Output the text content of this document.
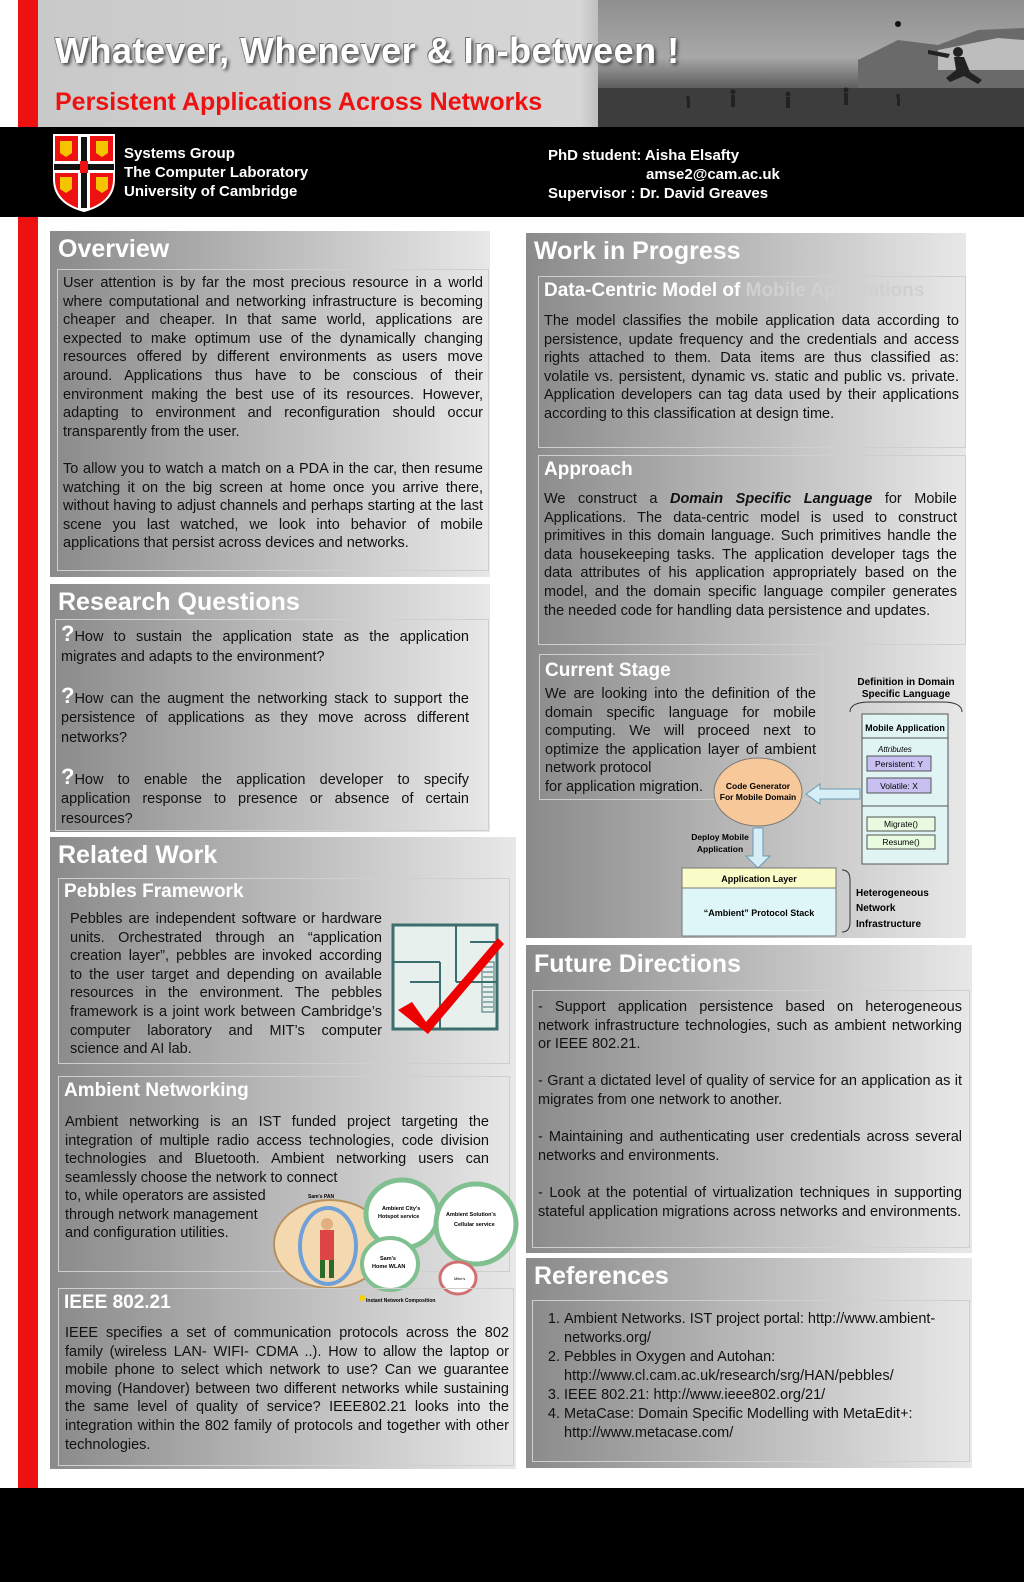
Whatever, Whenever & In-between !
Persistent Applications Across Networks
Systems Group
The Computer Laboratory
University of Cambridge
PhD student: Aisha Elsafty
amse2@cam.ac.uk
Supervisor : Dr. David Greaves
Overview

User attention is by far the most precious resource in a world where computational and networking infrastructure is becoming cheaper and cheaper. In that same world, applications are expected to make optimum use of the dynamically changing resources offered by different environments as users move around. Applications thus have to be conscious of their environment making the best use of its resources. However, adapting to environment and reconfiguration should occur transparently from the user.

To allow you to watch a match on a PDA in the car, then resume watching it on the big screen at home once you arrive there, without having to adjust channels and perhaps starting at the last scene you last watched, we look into behavior of mobile applications that persist across devices and networks.

Research Questions

?How to sustain the application state as the application migrates and adapts to the environment?

?How can the augment the networking stack to support the persistence of applications as they move across different networks?

?How to enable the application developer to specify application response to presence or absence of certain resources?

Related Work
Pebbles Framework
Pebbles are independent software or hardware units. Orchestrated through an “application creation layer”, pebbles are invoked according to the user target and depending on available resources in the environment. The pebbles framework is a joint work between Cambridge’s computer laboratory and MIT’s computer science and AI lab.
Ambient Networking
Ambient networking is an IST funded project targeting the integration of multiple radio access technologies, code division technologies and Bluetooth. Ambient networking users can seamlessly choose the network to connect
to, while operators are assisted through network management and configuration utilities.
Sam's PAN
Ambient City's
Hotspot service	Ambient Solution's
Cellular service
Sam's
Home WLAN
Mike's
Instant Network Composition
IEEE 802.21
IEEE specifies a set of communication protocols across the 802 family (wireless LAN- WIFI- CDMA ..). How to allow the laptop or mobile phone to select which network to use? Can we guarantee moving (Handover) between two different networks while sustaining the same level of quality of service? IEEE802.21 looks into the integration within the 802 family of protocols and together with other technologies.
Work in Progress
Data-Centric Model of Mobile Applications
The model classifies the mobile application data according to persistence, update frequency and the credentials and access rights attached to them. Data items are thus classified as: volatile vs. persistent, dynamic vs. static and public vs. private. Application developers can tag data used by their applications according to this classification at design time.
Approach
We construct a Domain Specific Language for Mobile Applications. The data-centric model is used to construct primitives in this domain language. Such primitives handle the data housekeeping tasks. The application developer tags the data attributes of his application appropriately based on the model, and the domain specific language compiler generates the needed code for handling data persistence and updates.
Current Stage
We are looking into the definition of the domain specific language for mobile computing. We will proceed next to optimize the application layer of ambient network protocol
for application migration.
Definition in Domain
Specific Language
Mobile Application
Attributes
Persistent: Y
Volatile: X
Migrate()
Resume()
Code Generator
For Mobile Domain
Deploy Mobile
Application
Application Layer
“Ambient” Protocol Stack
Heterogeneous
Network
Infrastructure
Future Directions

- Support application persistence based on heterogeneous network infrastructure technologies, such as ambient networking or IEEE 802.21.

- Grant a dictated level of quality of service for an application as it migrates from one network to another.

- Maintaining and authenticating user credentials across several networks and environments.

- Look at the potential of virtualization techniques in supporting stateful application migrations across networks and environments.

References
1. Ambient Networks. IST project portal: http://www.ambient-networks.org/
2. Pebbles in Oxygen and Autohan: http://www.cl.cam.ac.uk/research/srg/HAN/pebbles/
3. IEEE 802.21: http://www.ieee802.org/21/
4. MetaCase: Domain Specific Modelling with MetaEdit+: http://www.metacase.com/
